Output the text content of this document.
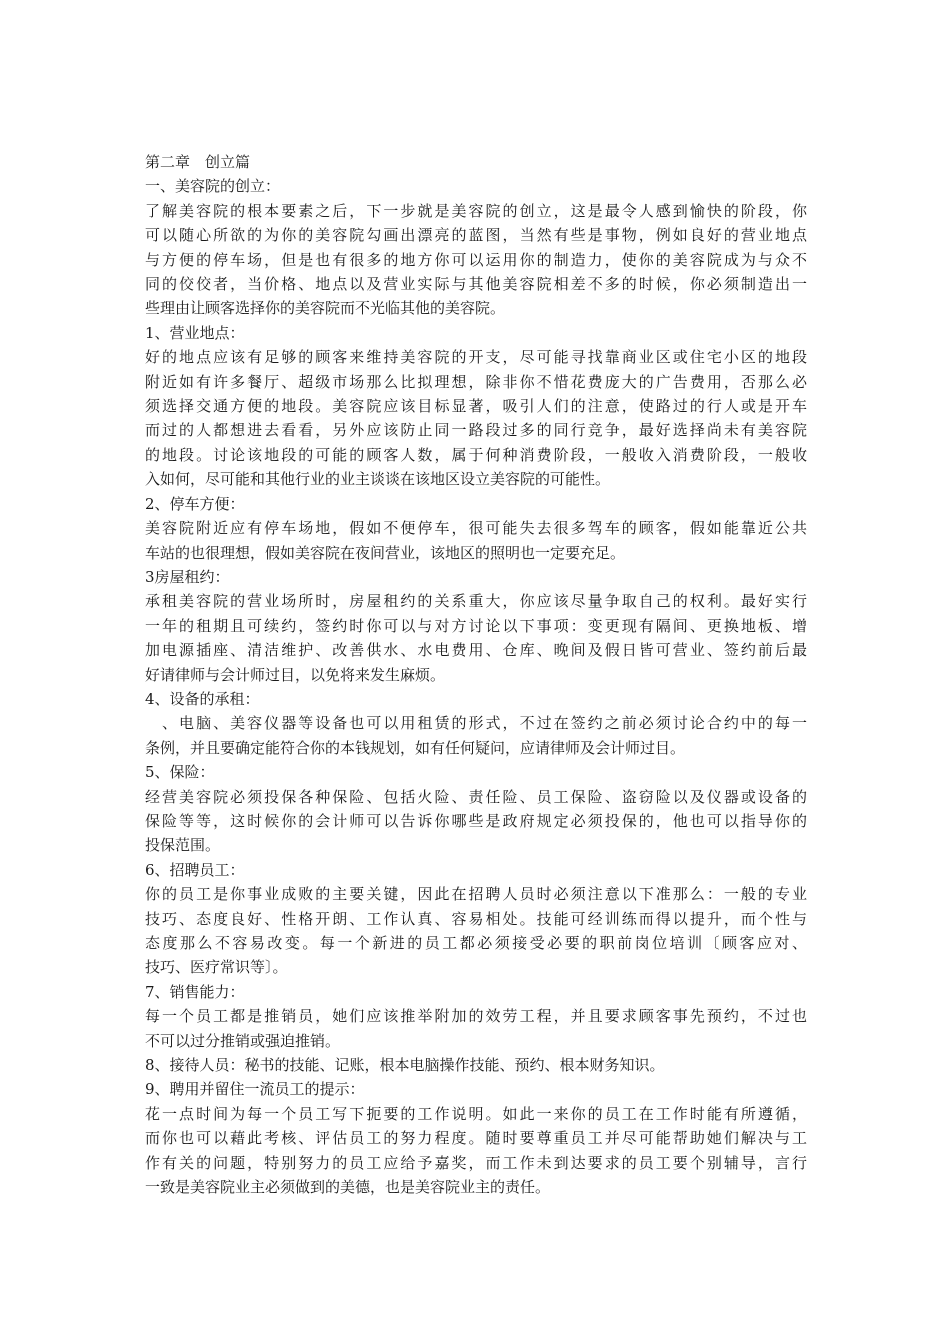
第二章　创立篇
一、美容院的创立：
了解美容院的根本要素之后，下一步就是美容院的创立，这是最令人感到愉快的阶段，你
可以随心所欲的为你的美容院勾画出漂亮的蓝图，当然有些是事物，例如良好的营业地点
与方便的停车场，但是也有很多的地方你可以运用你的制造力，使你的美容院成为与众不
同的佼佼者，当价格、地点以及营业实际与其他美容院相差不多的时候，你必须制造出一
些理由让顾客选择你的美容院而不光临其他的美容院。
1、营业地点：
好的地点应该有足够的顾客来维持美容院的开支，尽可能寻找靠商业区或住宅小区的地段
附近如有许多餐厅、超级市场那么比拟理想，除非你不惜花费庞大的广告费用，否那么必
须选择交通方便的地段。美容院应该目标显著，吸引人们的注意，使路过的行人或是开车
而过的人都想进去看看，另外应该防止同一路段过多的同行竞争，最好选择尚未有美容院
的地段。讨论该地段的可能的顾客人数，属于何种消费阶段，一般收入消费阶段，一般收
入如何，尽可能和其他行业的业主谈谈在该地区设立美容院的可能性。
2、停车方便：
美容院附近应有停车场地，假如不便停车，很可能失去很多驾车的顾客，假如能靠近公共
车站的也很理想，假如美容院在夜间营业，该地区的照明也一定要充足。
3房屋租约：
承租美容院的营业场所时，房屋租约的关系重大，你应该尽量争取自己的权利。最好实行
一年的租期且可续约，签约时你可以与对方讨论以下事项：变更现有隔间、更换地板、增
加电源插座、清洁维护、改善供水、水电费用、仓库、晚间及假日皆可营业、签约前后最
好请律师与会计师过目，以免将来发生麻烦。
4、设备的承租：
　、电脑、美容仪器等设备也可以用租赁的形式，不过在签约之前必须讨论合约中的每一
条例，并且要确定能符合你的本钱规划，如有任何疑问，应请律师及会计师过目。
5、保险：
经营美容院必须投保各种保险、包括火险、责任险、员工保险、盗窃险以及仪器或设备的
保险等等，这时候你的会计师可以告诉你哪些是政府规定必须投保的，他也可以指导你的
投保范围。
6、招聘员工：
你的员工是你事业成败的主要关键，因此在招聘人员时必须注意以下准那么：一般的专业
技巧、态度良好、性格开朗、工作认真、容易相处。技能可经训练而得以提升，而个性与
态度那么不容易改变。每一个新进的员工都必须接受必要的职前岗位培训〔顾客应对、
技巧、医疗常识等〕。
7、销售能力：
每一个员工都是推销员，她们应该推举附加的效劳工程，并且要求顾客事先预约，不过也
不可以过分推销或强迫推销。
8、接待人员：秘书的技能、记账，根本电脑操作技能、预约、根本财务知识。
9、聘用并留住一流员工的提示：
花一点时间为每一个员工写下扼要的工作说明。如此一来你的员工在工作时能有所遵循，
而你也可以藉此考核、评估员工的努力程度。随时要尊重员工并尽可能帮助她们解决与工
作有关的问题，特别努力的员工应给予嘉奖，而工作未到达要求的员工要个别辅导，言行
一致是美容院业主必须做到的美德，也是美容院业主的责任。
